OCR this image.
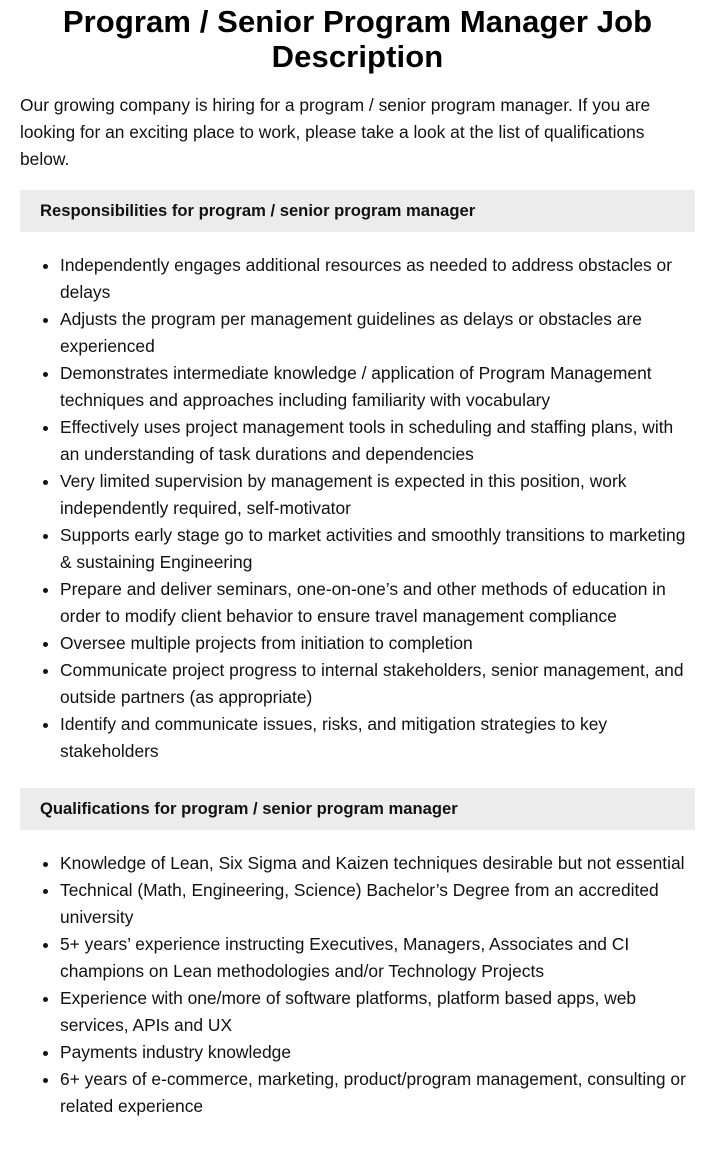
Program / Senior Program Manager Job Description

Our growing company is hiring for a program / senior program manager. If you are looking for an exciting place to work, please take a look at the list of qualifications below.

Responsibilities for program / senior program manager
Independently engages additional resources as needed to address obstacles or delays
Adjusts the program per management guidelines as delays or obstacles are experienced
Demonstrates intermediate knowledge / application of Program Management techniques and approaches including familiarity with vocabulary
Effectively uses project management tools in scheduling and staffing plans, with an understanding of task durations and dependencies
Very limited supervision by management is expected in this position, work independently required, self-motivator
Supports early stage go to market activities and smoothly transitions to marketing & sustaining Engineering
Prepare and deliver seminars, one-on-one’s and other methods of education in order to modify client behavior to ensure travel management compliance
Oversee multiple projects from initiation to completion
Communicate project progress to internal stakeholders, senior management, and outside partners (as appropriate)
Identify and communicate issues, risks, and mitigation strategies to key stakeholders
Qualifications for program / senior program manager
Knowledge of Lean, Six Sigma and Kaizen techniques desirable but not essential
Technical (Math, Engineering, Science) Bachelor’s Degree from an accredited university
5+ years’ experience instructing Executives, Managers, Associates and CI champions on Lean methodologies and/or Technology Projects
Experience with one/more of software platforms, platform based apps, web services, APIs and UX
Payments industry knowledge
6+ years of e-commerce, marketing, product/program management, consulting or related experience
